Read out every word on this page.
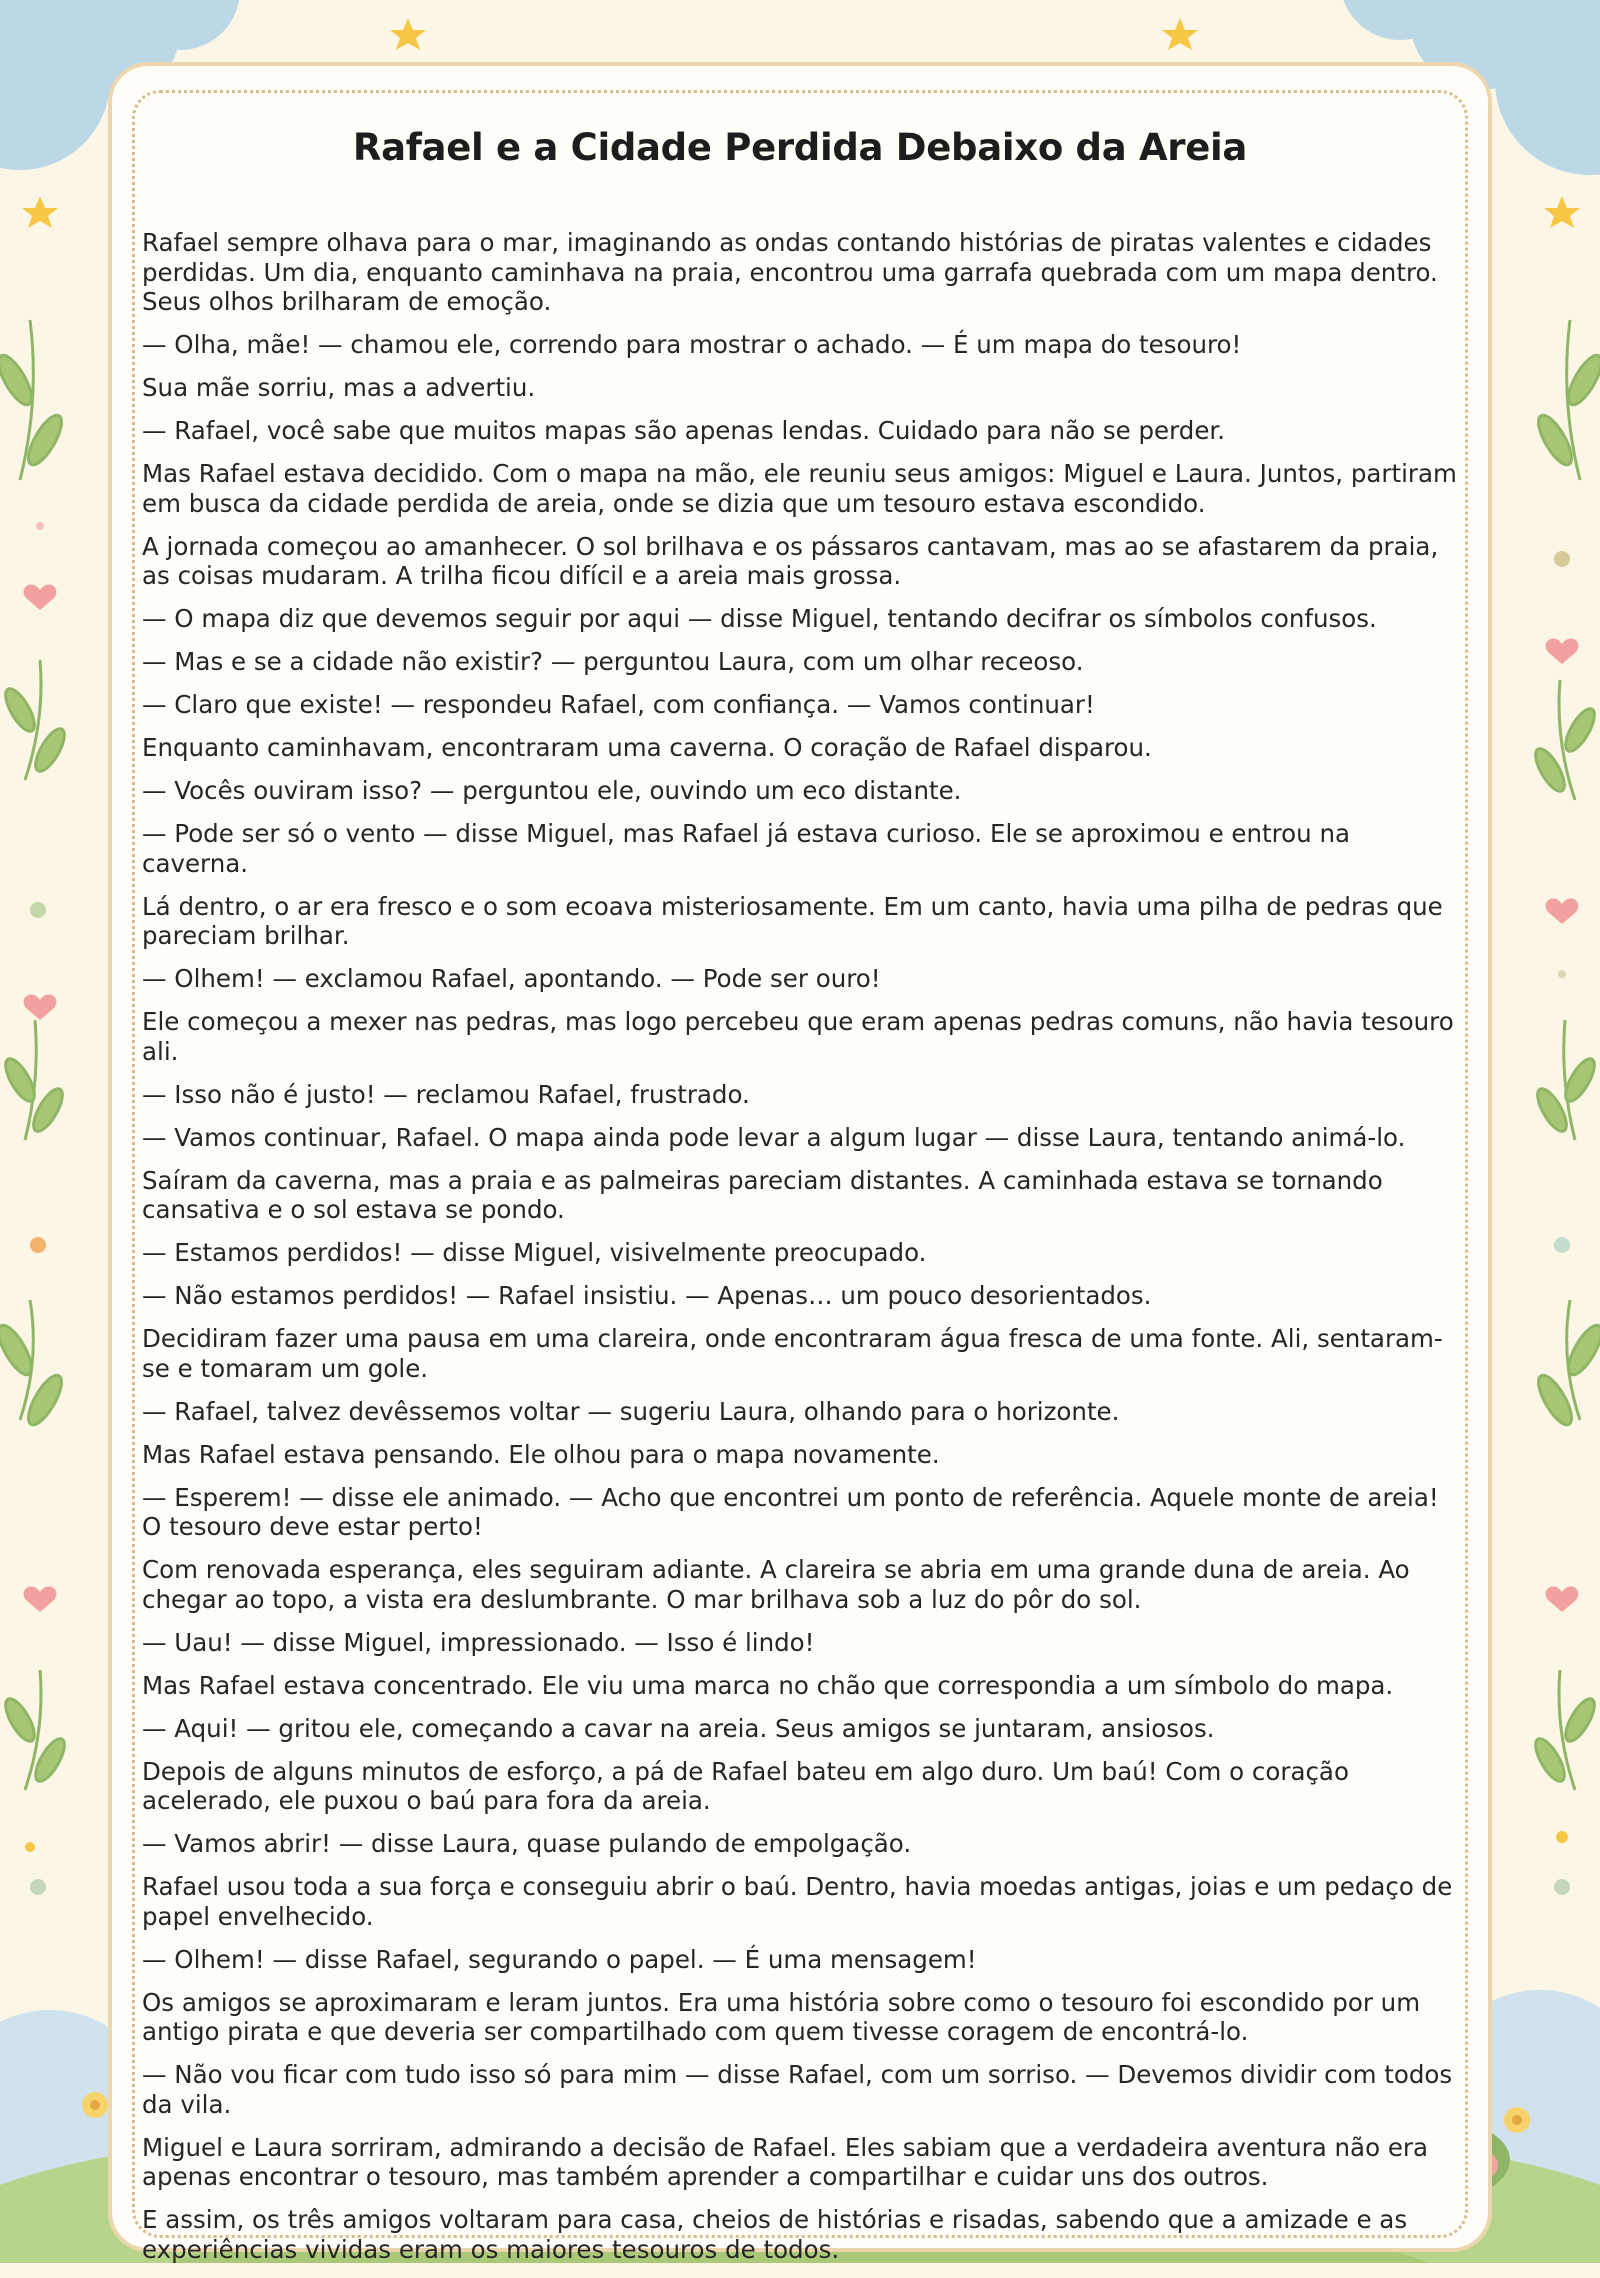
Rafael e a Cidade Perdida Debaixo da Areia

Rafael sempre olhava para o mar, imaginando as ondas contando histórias de piratas valentes e cidades perdidas. Um dia, enquanto caminhava na praia, encontrou uma garrafa quebrada com um mapa dentro. Seus olhos brilharam de emoção.

— Olha, mãe! — chamou ele, correndo para mostrar o achado. — É um mapa do tesouro!

Sua mãe sorriu, mas a advertiu.

— Rafael, você sabe que muitos mapas são apenas lendas. Cuidado para não se perder.

Mas Rafael estava decidido. Com o mapa na mão, ele reuniu seus amigos: Miguel e Laura. Juntos, partiram em busca da cidade perdida de areia, onde se dizia que um tesouro estava escondido.

A jornada começou ao amanhecer. O sol brilhava e os pássaros cantavam, mas ao se afastarem da praia, as coisas mudaram. A trilha ficou difícil e a areia mais grossa.

— O mapa diz que devemos seguir por aqui — disse Miguel, tentando decifrar os símbolos confusos.

— Mas e se a cidade não existir? — perguntou Laura, com um olhar receoso.

— Claro que existe! — respondeu Rafael, com confiança. — Vamos continuar!

Enquanto caminhavam, encontraram uma caverna. O coração de Rafael disparou.

— Vocês ouviram isso? — perguntou ele, ouvindo um eco distante.

— Pode ser só o vento — disse Miguel, mas Rafael já estava curioso. Ele se aproximou e entrou na caverna.

Lá dentro, o ar era fresco e o som ecoava misteriosamente. Em um canto, havia uma pilha de pedras que pareciam brilhar.

— Olhem! — exclamou Rafael, apontando. — Pode ser ouro!

Ele começou a mexer nas pedras, mas logo percebeu que eram apenas pedras comuns, não havia tesouro ali.

— Isso não é justo! — reclamou Rafael, frustrado.

— Vamos continuar, Rafael. O mapa ainda pode levar a algum lugar — disse Laura, tentando animá-lo.

Saíram da caverna, mas a praia e as palmeiras pareciam distantes. A caminhada estava se tornando cansativa e o sol estava se pondo.

— Estamos perdidos! — disse Miguel, visivelmente preocupado.

— Não estamos perdidos! — Rafael insistiu. — Apenas… um pouco desorientados.

Decidiram fazer uma pausa em uma clareira, onde encontraram água fresca de uma fonte. Ali, sentaram-se e tomaram um gole.

— Rafael, talvez devêssemos voltar — sugeriu Laura, olhando para o horizonte.

Mas Rafael estava pensando. Ele olhou para o mapa novamente.

— Esperem! — disse ele animado. — Acho que encontrei um ponto de referência. Aquele monte de areia! O tesouro deve estar perto!

Com renovada esperança, eles seguiram adiante. A clareira se abria em uma grande duna de areia. Ao chegar ao topo, a vista era deslumbrante. O mar brilhava sob a luz do pôr do sol.

— Uau! — disse Miguel, impressionado. — Isso é lindo!

Mas Rafael estava concentrado. Ele viu uma marca no chão que correspondia a um símbolo do mapa.

— Aqui! — gritou ele, começando a cavar na areia. Seus amigos se juntaram, ansiosos.

Depois de alguns minutos de esforço, a pá de Rafael bateu em algo duro. Um baú! Com o coração acelerado, ele puxou o baú para fora da areia.

— Vamos abrir! — disse Laura, quase pulando de empolgação.

Rafael usou toda a sua força e conseguiu abrir o baú. Dentro, havia moedas antigas, joias e um pedaço de papel envelhecido.

— Olhem! — disse Rafael, segurando o papel. — É uma mensagem!

Os amigos se aproximaram e leram juntos. Era uma história sobre como o tesouro foi escondido por um antigo pirata e que deveria ser compartilhado com quem tivesse coragem de encontrá-lo.

— Não vou ficar com tudo isso só para mim — disse Rafael, com um sorriso. — Devemos dividir com todos da vila.

Miguel e Laura sorriram, admirando a decisão de Rafael. Eles sabiam que a verdadeira aventura não era apenas encontrar o tesouro, mas também aprender a compartilhar e cuidar uns dos outros.

E assim, os três amigos voltaram para casa, cheios de histórias e risadas, sabendo que a amizade e as experiências vividas eram os maiores tesouros de todos.
